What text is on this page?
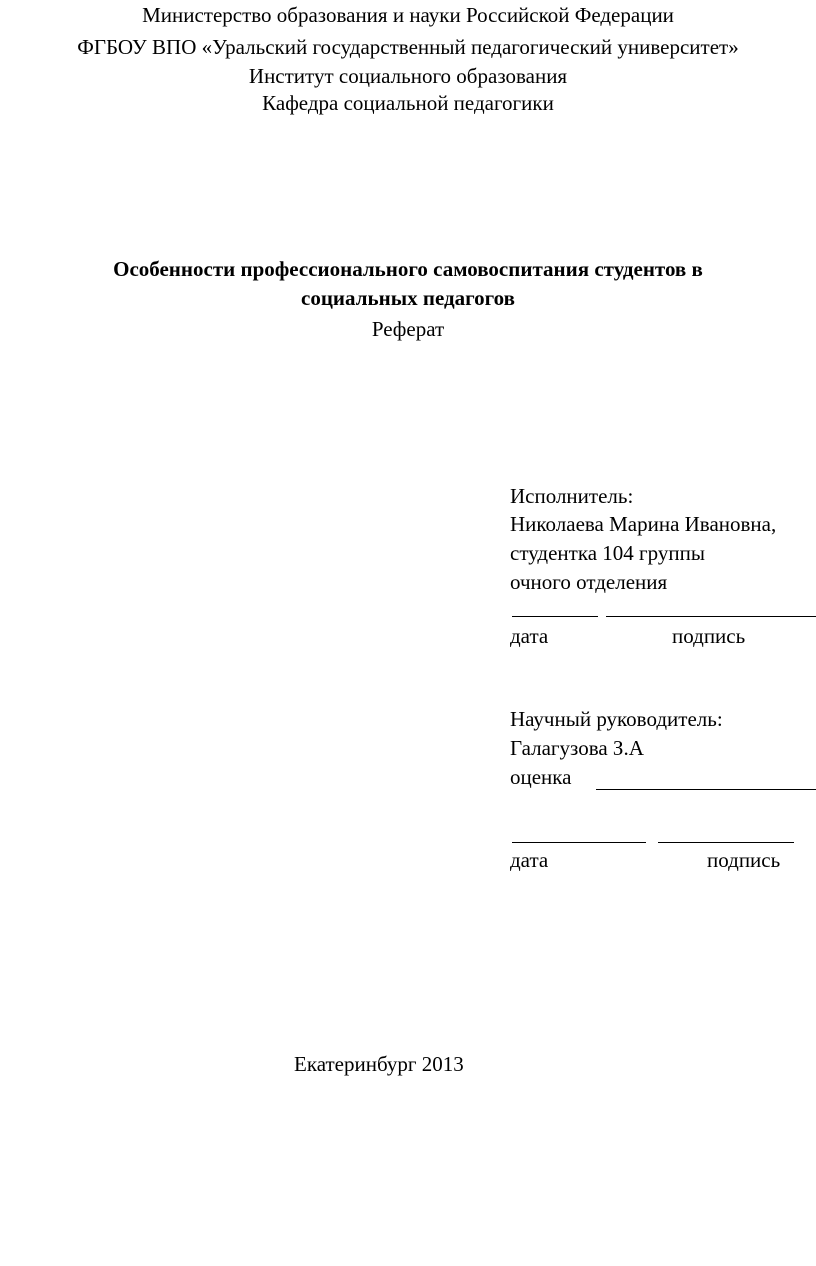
Министерство образования и науки Российской Федерации
ФГБОУ ВПО «Уральский государственный педагогический университет»
Институт социального образования
Кафедра социальной педагогики
Особенности профессионального самовоспитания студентов в
социальных педагогов
Реферат
Исполнитель:
Николаева Марина Ивановна,
студентка 104 группы
очного отделения
дата	подпись
Научный руководитель:
Галагузова З.А
оценка
дата	подпись
Екатеринбург 2013
